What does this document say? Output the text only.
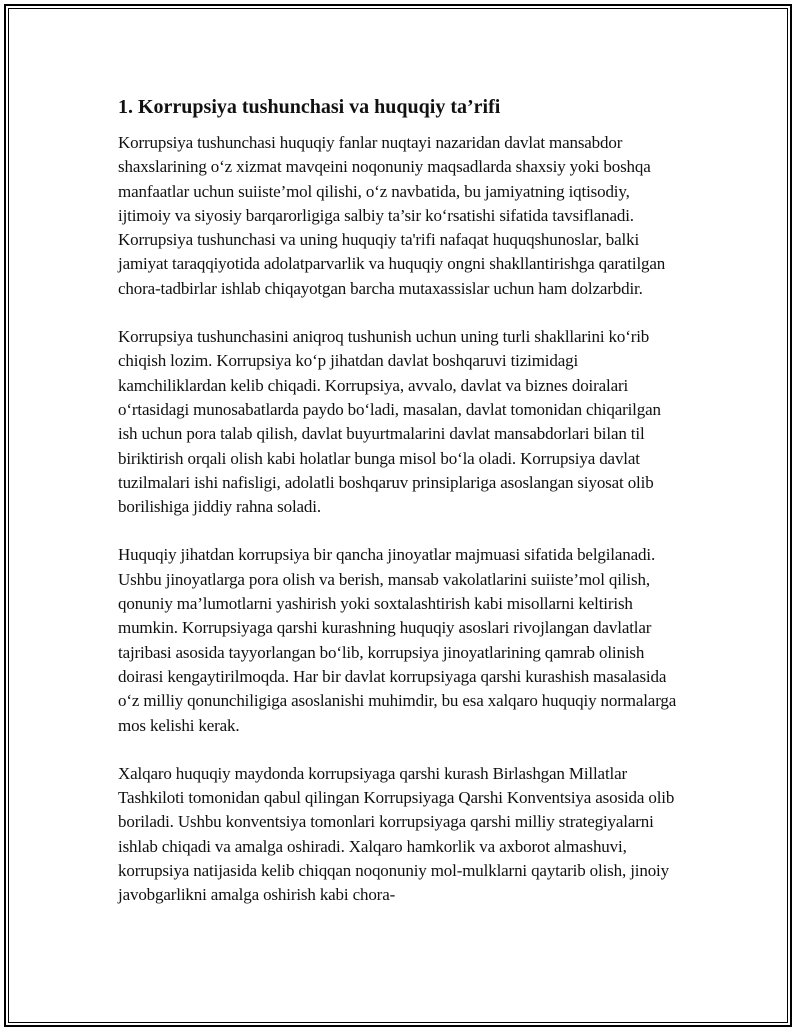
1. Korrupsiya tushunchasi va huquqiy ta’rifi

Korrupsiya tushunchasi huquqiy fanlar nuqtayi nazaridan davlat mansabdor shaxslarining o‘z xizmat mavqeini noqonuniy maqsadlarda shaxsiy yoki boshqa manfaatlar uchun suiiste’mol qilishi, o‘z navbatida, bu jamiyatning iqtisodiy, ijtimoiy va siyosiy barqarorligiga salbiy ta’sir ko‘rsatishi sifatida tavsiflanadi. Korrupsiya tushunchasi va uning huquqiy ta'rifi nafaqat huquqshunoslar, balki jamiyat taraqqiyotida adolatparvarlik va huquqiy ongni shakllantirishga qaratilgan chora-tadbirlar ishlab chiqayotgan barcha mutaxassislar uchun ham dolzarbdir.

Korrupsiya tushunchasini aniqroq tushunish uchun uning turli shakllarini ko‘rib chiqish lozim. Korrupsiya ko‘p jihatdan davlat boshqaruvi tizimidagi kamchiliklardan kelib chiqadi. Korrupsiya, avvalo, davlat va biznes doiralari o‘rtasidagi munosabatlarda paydo bo‘ladi, masalan, davlat tomonidan chiqarilgan ish uchun pora talab qilish, davlat buyurtmalarini davlat mansabdorlari bilan til biriktirish orqali olish kabi holatlar bunga misol bo‘la oladi. Korrupsiya davlat tuzilmalari ishi nafisligi, adolatli boshqaruv prinsiplariga asoslangan siyosat olib borilishiga jiddiy rahna soladi.

Huquqiy jihatdan korrupsiya bir qancha jinoyatlar majmuasi sifatida belgilanadi. Ushbu jinoyatlarga pora olish va berish, mansab vakolatlarini suiiste’mol qilish, qonuniy ma’lumotlarni yashirish yoki soxtalashtirish kabi misollarni keltirish mumkin. Korrupsiyaga qarshi kurashning huquqiy asoslari rivojlangan davlatlar tajribasi asosida tayyorlangan bo‘lib, korrupsiya jinoyatlarining qamrab olinish doirasi kengaytirilmoqda. Har bir davlat korrupsiyaga qarshi kurashish masalasida o‘z milliy qonunchiligiga asoslanishi muhimdir, bu esa xalqaro huquqiy normalarga mos kelishi kerak.

Xalqaro huquqiy maydonda korrupsiyaga qarshi kurash Birlashgan Millatlar Tashkiloti tomonidan qabul qilingan Korrupsiyaga Qarshi Konventsiya asosida olib boriladi. Ushbu konventsiya tomonlari korrupsiyaga qarshi milliy strategiyalarni ishlab chiqadi va amalga oshiradi. Xalqaro hamkorlik va axborot almashuvi, korrupsiya natijasida kelib chiqqan noqonuniy mol-mulklarni qaytarib olish, jinoiy javobgarlikni amalga oshirish kabi chora-
